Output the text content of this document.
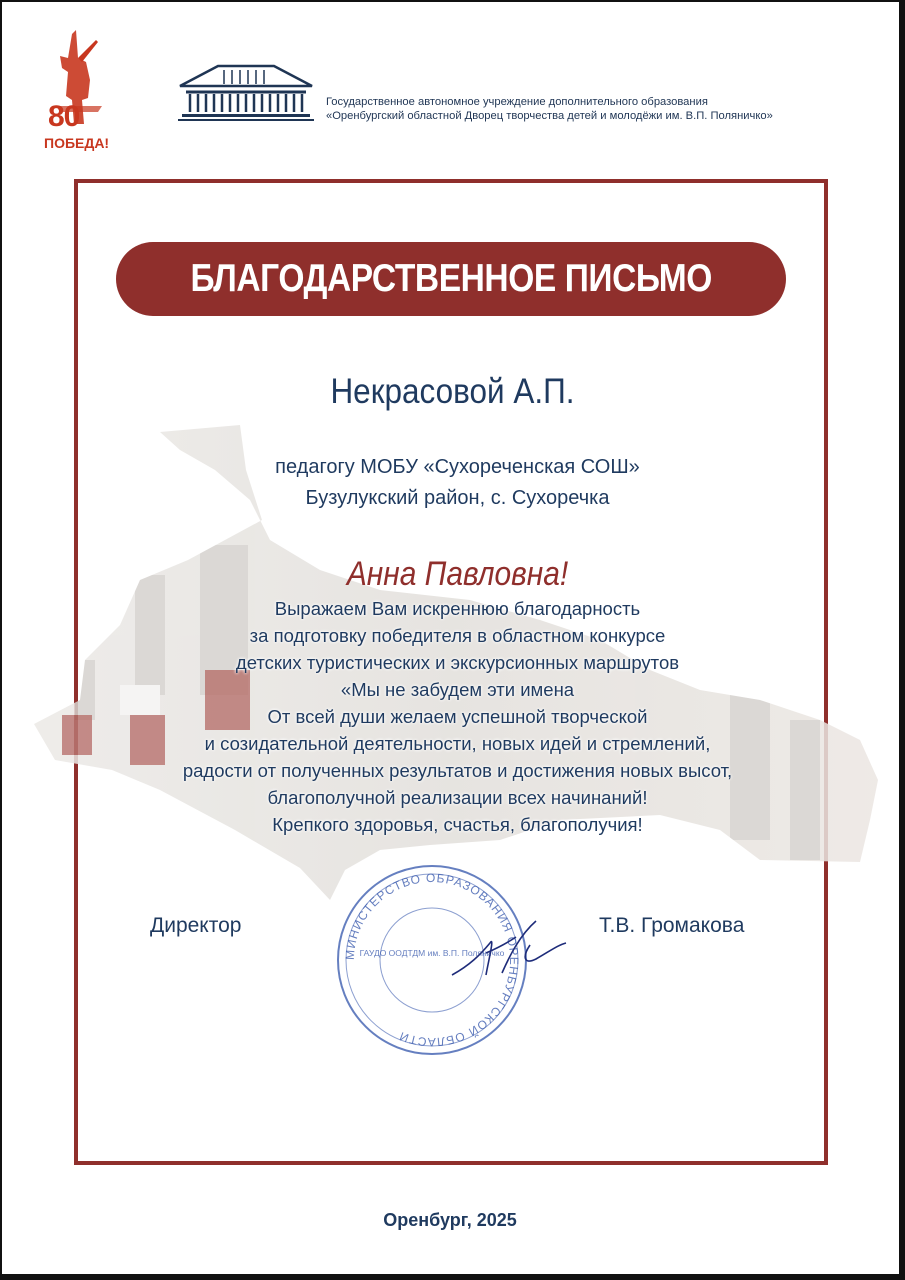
80
ПОБЕДА!
Государственное автономное учреждение дополнительного образования
«Оренбургский областной Дворец творчества детей и молодёжи им. В.П. Поляничко»
БЛАГОДАРСТВЕННОЕ ПИСЬМО
Некрасовой А.П.
педагогу МОБУ «Сухореченская СОШ»
Бузулукский район, с. Сухоречка
Анна Павловна!
Выражаем Вам искреннюю благодарность
за подготовку победителя в областном конкурсе
детских туристических и экскурсионных маршрутов
«Мы не забудем эти имена
От всей души желаем успешной творческой
и созидательной деятельности, новых идей и стремлений,
радости от полученных результатов и достижения новых высот,
благополучной реализации всех начинаний!
Крепкого здоровья, счастья, благополучия!
МИНИСТЕРСТВО ОБРАЗОВАНИЯ ОРЕНБУРГСКОЙ ОБЛАСТИ
ГАУДО ООДТДМ им. В.П. Поляничко
Директор	Т.В. Громакова
Оренбург, 2025
